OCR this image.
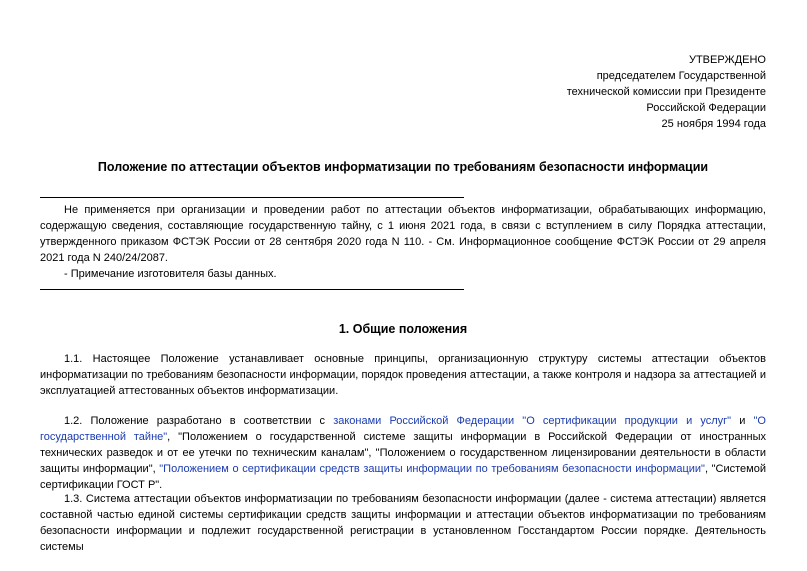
УТВЕРЖДЕНО
председателем Государственной
технической комиссии при Президенте
Российской Федерации
25 ноября 1994 года
Положение по аттестации объектов информатизации по требованиям безопасности информации

Не применяется при организации и проведении работ по аттестации объектов информатизации, обрабатывающих информацию, содержащую сведения, составляющие государственную тайну, с 1 июня 2021 года, в связи с вступлением в силу Порядка аттестации, утвержденного приказом ФСТЭК России от 28 сентября 2020 года N 110. - См. Информационное сообщение ФСТЭК России от 29 апреля 2021 года N 240/24/2087.

- Примечание изготовителя базы данных.

1. Общие положения

1.1. Настоящее Положение устанавливает основные принципы, организационную структуру системы аттестации объектов информатизации по требованиям безопасности информации, порядок проведения аттестации, а также контроля и надзора за аттестацией и эксплуатацией аттестованных объектов информатизации.

1.2. Положение разработано в соответствии с законами Российской Федерации "О сертификации продукции и услуг" и "О государственной тайне", "Положением о государственной системе защиты информации в Российской Федерации от иностранных технических разведок и от ее утечки по техническим каналам", "Положением о государственном лицензировании деятельности в области защиты информации", "Положением о сертификации средств защиты информации по требованиям безопасности информации", "Системой сертификации ГОСТ Р".

1.3. Система аттестации объектов информатизации по требованиям безопасности информации (далее - система аттестации) является составной частью единой системы сертификации средств защиты информации и аттестации объектов информатизации по требованиям безопасности информации и подлежит государственной регистрации в установленном Госстандартом России порядке. Деятельность системы
